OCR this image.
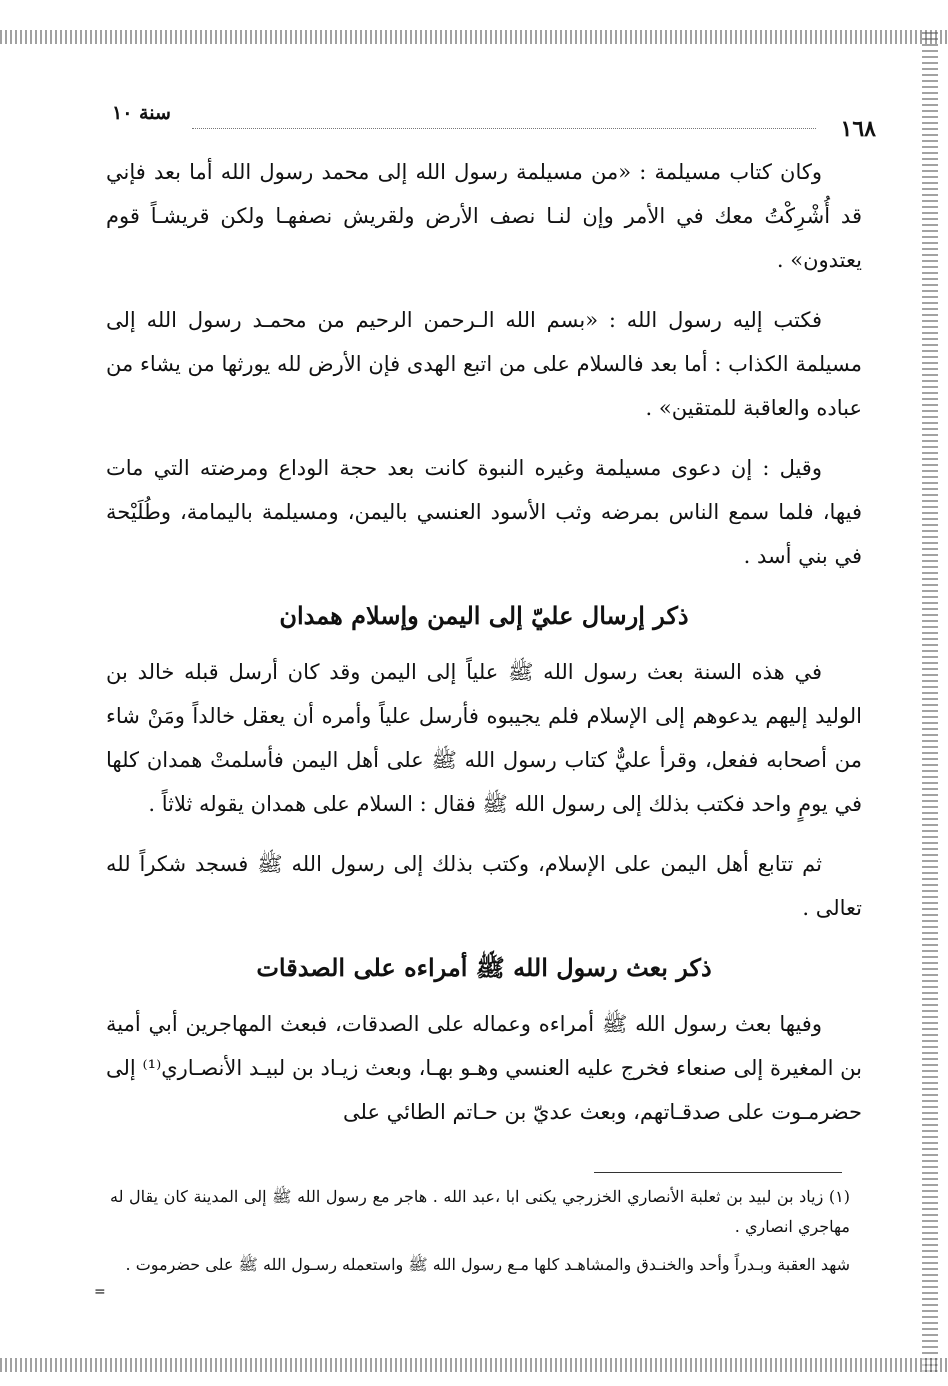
١٦٨
سنة ١٠

وكان كتاب مسيلمة : «من مسيلمة رسول الله إلى محمد رسول الله أما بعد فإني قد أُشْرِكْتُ معك في الأمر وإن لنـا نصف الأرض ولقريش نصفهـا ولكن قريشـاً قوم يعتدون» .

فكتب إليه رسول الله : «بسم الله الـرحمن الرحيم من محمـد رسول الله إلى مسيلمة الكذاب : أما بعد فالسلام على من اتبع الهدى فإن الأرض لله يورثها من يشاء من عباده والعاقبة للمتقين» .

وقيل : إن دعوى مسيلمة وغيره النبوة كانت بعد حجة الوداع ومرضته التي مات فيها، فلما سمع الناس بمرضه وثب الأسود العنسي باليمن، ومسيلمة باليمامة، وطُلَيْحة في بني أسد .

ذكر إرسال عليّ إلى اليمن وإسلام همدان

في هذه السنة بعث رسول الله ﷺ علياً إلى اليمن وقد كان أرسل قبله خالد بن الوليد إليهم يدعوهم إلى الإسلام فلم يجيبوه فأرسل علياً وأمره أن يعقل خالداً ومَنْ شاء من أصحابه ففعل، وقرأ عليٌّ كتاب رسول الله ﷺ على أهل اليمن فأسلمتْ همدان كلها في يومٍ واحد فكتب بذلك إلى رسول الله ﷺ فقال : السلام على همدان يقوله ثلاثاً .

ثم تتابع أهل اليمن على الإسلام، وكتب بذلك إلى رسول الله ﷺ فسجد شكراً لله تعالى .

ذكر بعث رسول الله ﷺ أمراءه على الصدقات

وفيها بعث رسول الله ﷺ أمراءه وعماله على الصدقات، فبعث المهاجرين أبي أمية بن المغيرة إلى صنعاء فخرج عليه العنسي وهـو بهـا، وبعث زيـاد بن لبيـد الأنصـاري⁽¹⁾ إلى حضرمـوت على صدقـاتهم، وبعث عديّ بن حـاتم الطائي على

(١) زياد بن لبيد بن ثعلبة الأنصاري الخزرجي يكنى ابا ،عبد الله . هاجر مع رسول الله ﷺ إلى المدينة كان يقال له مهاجري انصاري .

شهد العقبة وبـدراً وأحد والخنـدق والمشاهـد كلها مـع رسول الله ﷺ واستعمله رسـول الله ﷺ على حضرموت .

=
